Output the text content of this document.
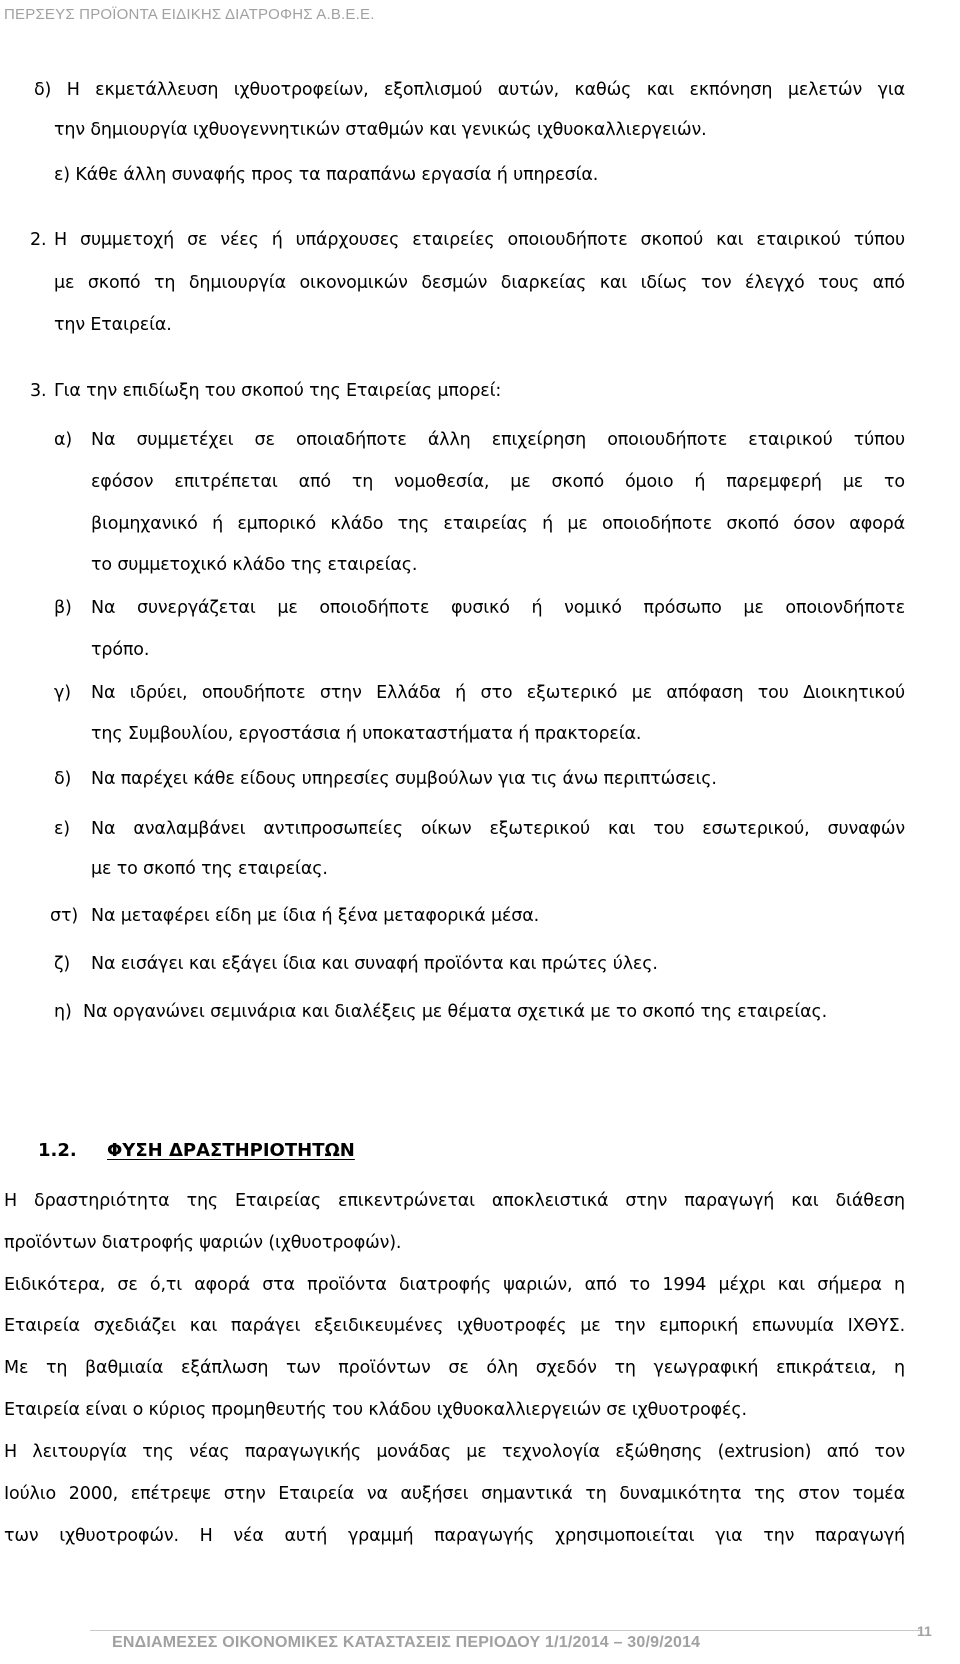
ΠΕΡΣΕΥΣ ΠΡΟΪΟΝΤΑ ΕΙΔΙΚΗΣ ΔΙΑΤΡΟΦΗΣ Α.Β.Ε.Ε.
δ) Η εκμετάλλευση ιχθυοτροφείων, εξοπλισμού αυτών, καθώς και εκπόνηση μελετών για
την δημιουργία ιχθυογεννητικών σταθμών και γενικώς ιχθυοκαλλιεργειών.
ε) Κάθε άλλη συναφής προς τα παραπάνω εργασία ή υπηρεσία.
2. Η συμμετοχή σε νέες ή υπάρχουσες εταιρείες οποιουδήποτε σκοπού και εταιρικού τύπου
με σκοπό τη δημιουργία οικονομικών δεσμών διαρκείας και ιδίως τον έλεγχό τους από
την Εταιρεία.
3. Για την επιδίωξη του σκοπού της Εταιρείας μπορεί:
α) Να συμμετέχει σε οποιαδήποτε άλλη επιχείρηση οποιουδήποτε εταιρικού τύπου
εφόσον επιτρέπεται από τη νομοθεσία, με σκοπό όμοιο ή παρεμφερή με το
βιομηχανικό ή εμπορικό κλάδο της εταιρείας ή με οποιοδήποτε σκοπό όσον αφορά
το συμμετοχικό κλάδο της εταιρείας.
β) Να συνεργάζεται με οποιοδήποτε φυσικό ή νομικό πρόσωπο με οποιονδήποτε
τρόπο.
γ) Να ιδρύει, οπουδήποτε στην Ελλάδα ή στο εξωτερικό με απόφαση του Διοικητικού
της Συμβουλίου, εργοστάσια ή υποκαταστήματα ή πρακτορεία.
δ) Να παρέχει κάθε είδους υπηρεσίες συμβούλων για τις άνω περιπτώσεις.
ε) Να αναλαμβάνει αντιπροσωπείες οίκων εξωτερικού και του εσωτερικού, συναφών
με το σκοπό της εταιρείας.
στ) Να μεταφέρει είδη με ίδια ή ξένα μεταφορικά μέσα.
ζ) Να εισάγει και εξάγει ίδια και συναφή προϊόντα και πρώτες ύλες.
η) Να οργανώνει σεμινάρια και διαλέξεις με θέματα σχετικά με το σκοπό της εταιρείας.
1.2. ΦΥΣΗ ΔΡΑΣΤΗΡΙΟΤΗΤΩΝ
Η δραστηριότητα της Εταιρείας επικεντρώνεται αποκλειστικά στην παραγωγή και διάθεση
προϊόντων διατροφής ψαριών (ιχθυοτροφών).
Ειδικότερα, σε ό,τι αφορά στα προϊόντα διατροφής ψαριών, από το 1994 μέχρι και σήμερα η
Εταιρεία σχεδιάζει και παράγει εξειδικευμένες ιχθυοτροφές με την εμπορική επωνυμία ΙΧΘΥΣ.
Με τη βαθμιαία εξάπλωση των προϊόντων σε όλη σχεδόν τη γεωγραφική επικράτεια, η
Εταιρεία είναι ο κύριος προμηθευτής του κλάδου ιχθυοκαλλιεργειών σε ιχθυοτροφές.
Η λειτουργία της νέας παραγωγικής μονάδας με τεχνολογία εξώθησης (extrusion) από τον
Ιούλιο 2000, επέτρεψε στην Εταιρεία να αυξήσει σημαντικά τη δυναμικότητα της στον τομέα
των ιχθυοτροφών. Η νέα αυτή γραμμή παραγωγής χρησιμοποιείται για την παραγωγή
ΕΝΔΙΑΜΕΣΕΣ ΟΙΚΟΝΟΜΙΚΕΣ ΚΑΤΑΣΤΑΣΕΙΣ ΠΕΡΙΟΔΟΥ 1/1/2014 – 30/9/2014
11
